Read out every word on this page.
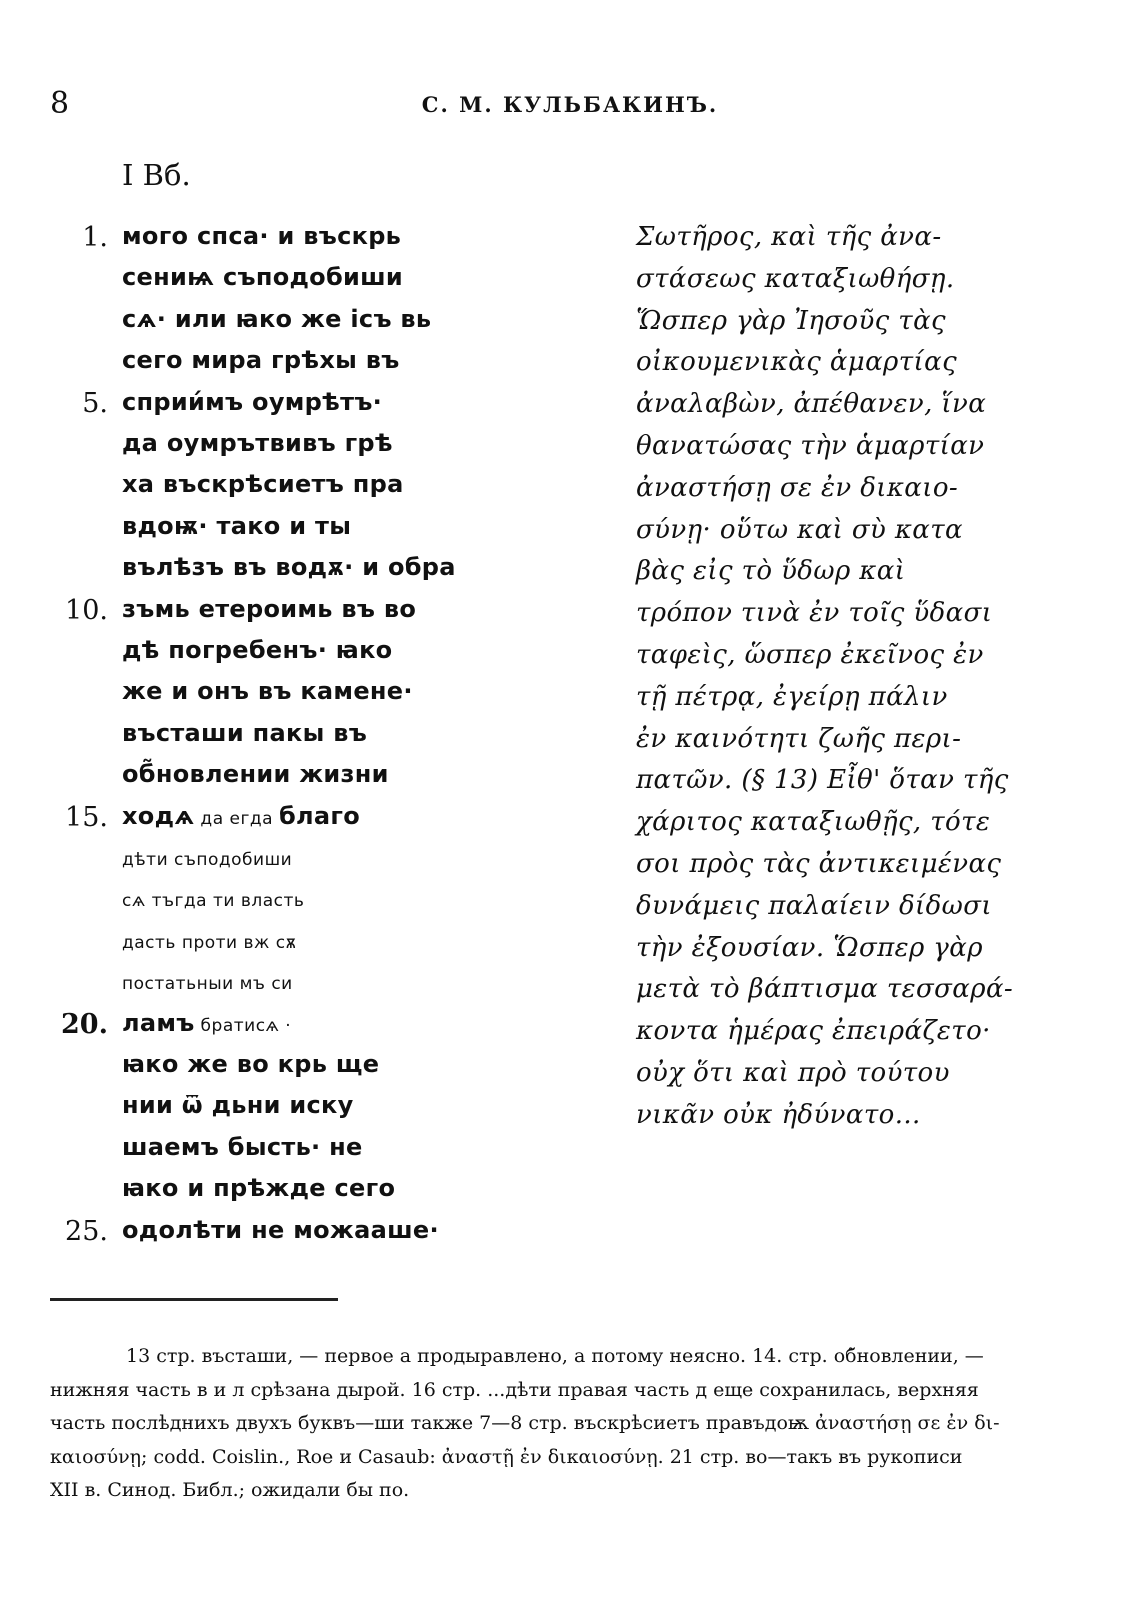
8	С. М. КУЛЬБАКИНЪ.
I Вб.
1. мого спса· и въскрь
сениѩ съподобиши
сѧ· или ꙗко же ісъ вь
сего мира грѣхы въ
5. сприи́мъ оумрѣтъ·
да оумрътвивъ грѣ
ха въскрѣсиетъ пра
вдоѭ· тако и ты
вълѣзъ въ водѫ· и обра
10. зъмь етероимь въ во
дѣ погребенъ· ꙗко
же и онъ въ камене·
въсташи пакы въ
об̃новлении жизни
15. ходѧ да егда благо
дѣти съподобиши
сѧ тъгда ти власть
дасть проти вж сѫ
постатьныи мъ си
20. ламъ братисѧ ·
ꙗко же во крь ще
нии ѿ дьни иску
шаемъ бысть· не
ꙗко и прѣжде сего
25. одолѣти не можааше·
Σωτῆρος, καὶ τῆς ἀνα-
στάσεως καταξιωθήσῃ.
Ὥσπερ γὰρ Ἰησοῦς τὰς
οἰκουμενικὰς ἁμαρτίας
ἀναλαβὼν, ἀπέθανεν, ἵνα
θανατώσας τὴν ἁμαρτίαν
ἀναστήσῃ σε ἐν δικαιο-
σύνῃ· οὕτω καὶ σὺ κατα
βὰς εἰς τὸ ὕδωρ καὶ
τρόπον τινὰ ἐν τοῖς ὕδασι
ταφεὶς, ὥσπερ ἐκεῖνος ἐν
τῇ πέτρᾳ, ἐγείρῃ πάλιν
ἐν καινότητι ζωῆς περι-
πατῶν. (§ 13) Εἶθ' ὅταν τῆς
χάριτος καταξιωθῇς, τότε
σοι πρὸς τὰς ἀντικειμένας
δυνάμεις παλαίειν δίδωσι
τὴν ἐξουσίαν. Ὥσπερ γὰρ
μετὰ τὸ βάπτισμα τεσσαρά-
κοντα ἡμέρας ἐπειράζετο·
οὐχ ὅτι καὶ πρὸ τούτου
νικᾶν οὐκ ἠδύνατο...
13 стр. въсташи, — первое а продыравлено, а потому неясно. 14. стр. об̃новлении, —
нижняя часть в и л срѣзана дырой. 16 стр. ...дѣти правая часть д еще сохранилась, верхняя
часть послѣднихъ двухъ буквъ—ши также 7—8 стр. въскрѣсиетъ правъдоѭ ἀναστήσῃ σε ἐν δι-
καιοσύνῃ; codd. Coislin., Roe и Casaub: ἀναστῇ ἐν δικαιοσύνῃ. 21 стр. во—такъ въ рукописи
XII в. Синод. Библ.; ожидали бы по.
